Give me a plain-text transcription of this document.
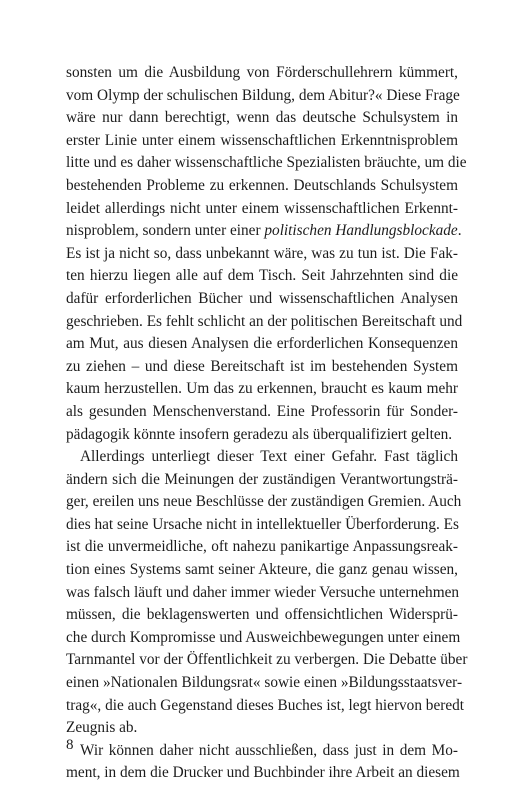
sonsten um die Ausbildung von Förderschullehrern kümmert,
vom Olymp der schulischen Bildung, dem Abitur?« Diese Frage
wäre nur dann berechtigt, wenn das deutsche Schulsystem in
erster Linie unter einem wissenschaftlichen Erkenntnisproblem
litte und es daher wissenschaftliche Spezialisten bräuchte, um die
bestehenden Probleme zu erkennen. Deutschlands Schulsystem
leidet allerdings nicht unter einem wissenschaftlichen Erkennt-
nisproblem, sondern unter einer politischen Handlungsblockade.
Es ist ja nicht so, dass unbekannt wäre, was zu tun ist. Die Fak-
ten hierzu liegen alle auf dem Tisch. Seit Jahrzehnten sind die
dafür erforderlichen Bücher und wissenschaftlichen Analysen
geschrieben. Es fehlt schlicht an der politischen Bereitschaft und
am Mut, aus diesen Analysen die erforderlichen Konsequenzen
zu ziehen – und diese Bereitschaft ist im bestehenden System
kaum herzustellen. Um das zu erkennen, braucht es kaum mehr
als gesunden Menschenverstand. Eine Professorin für Sonder-
pädagogik könnte insofern geradezu als überqualifiziert gelten.
Allerdings unterliegt dieser Text einer Gefahr. Fast täglich
ändern sich die Meinungen der zuständigen Verantwortungsträ-
ger, ereilen uns neue Beschlüsse der zuständigen Gremien. Auch
dies hat seine Ursache nicht in intellektueller Überforderung. Es
ist die unvermeidliche, oft nahezu panikartige Anpassungsreak-
tion eines Systems samt seiner Akteure, die ganz genau wissen,
was falsch läuft und daher immer wieder Versuche unternehmen
müssen, die beklagenswerten und offensichtlichen Widersprü-
che durch Kompromisse und Ausweichbewegungen unter einem
Tarnmantel vor der Öffentlichkeit zu verbergen. Die Debatte über
einen »Nationalen Bildungsrat« sowie einen »Bildungsstaatsver-
trag«, die auch Gegenstand dieses Buches ist, legt hiervon beredt
Zeugnis ab.
Wir können daher nicht ausschließen, dass just in dem Mo-
ment, in dem die Drucker und Buchbinder ihre Arbeit an diesem
8
